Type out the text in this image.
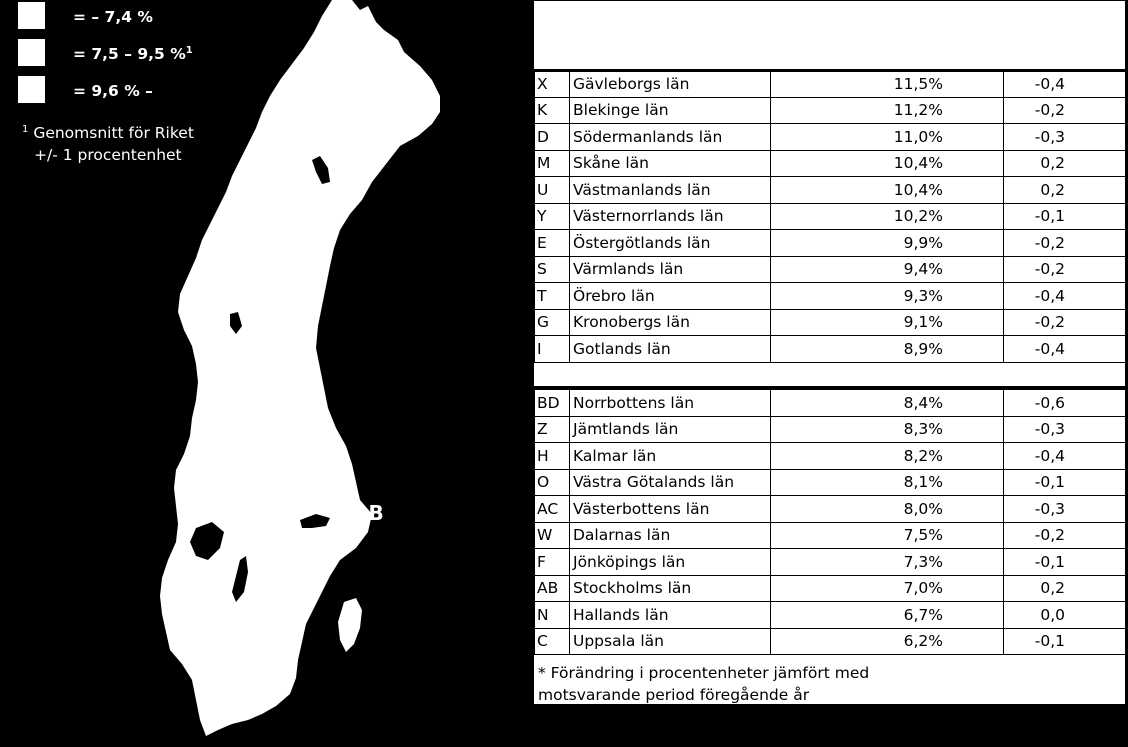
= – 7,4 %
= 7,5 – 9,5 %$^1$
= 9,6 % –
$^1$ Genomsnitt för Riket
+/- 1 procentenhet
AB
X	Gävleborgs län	11,5%	-0,4
K	Blekinge län	11,2%	-0,2
D	Södermanlands län	11,0%	-0,3
M	Skåne län	10,4%	0,2
U	Västmanlands län	10,4%	0,2
Y	Västernorrlands län	10,2%	-0,1
E	Östergötlands län	9,9%	-0,2
S	Värmlands län	9,4%	-0,2
T	Örebro län	9,3%	-0,4
G	Kronobergs län	9,1%	-0,2
I	Gotlands län	8,9%	-0,4
BD	Norrbottens län	8,4%	-0,6
Z	Jämtlands län	8,3%	-0,3
H	Kalmar län	8,2%	-0,4
O	Västra Götalands län	8,1%	-0,1
AC	Västerbottens län	8,0%	-0,3
W	Dalarnas län	7,5%	-0,2
F	Jönköpings län	7,3%	-0,1
AB	Stockholms län	7,0%	0,2
N	Hallands län	6,7%	0,0
C	Uppsala län	6,2%	-0,1
* Förändring i procentenheter jämfört med
motsvarande period föregående år
